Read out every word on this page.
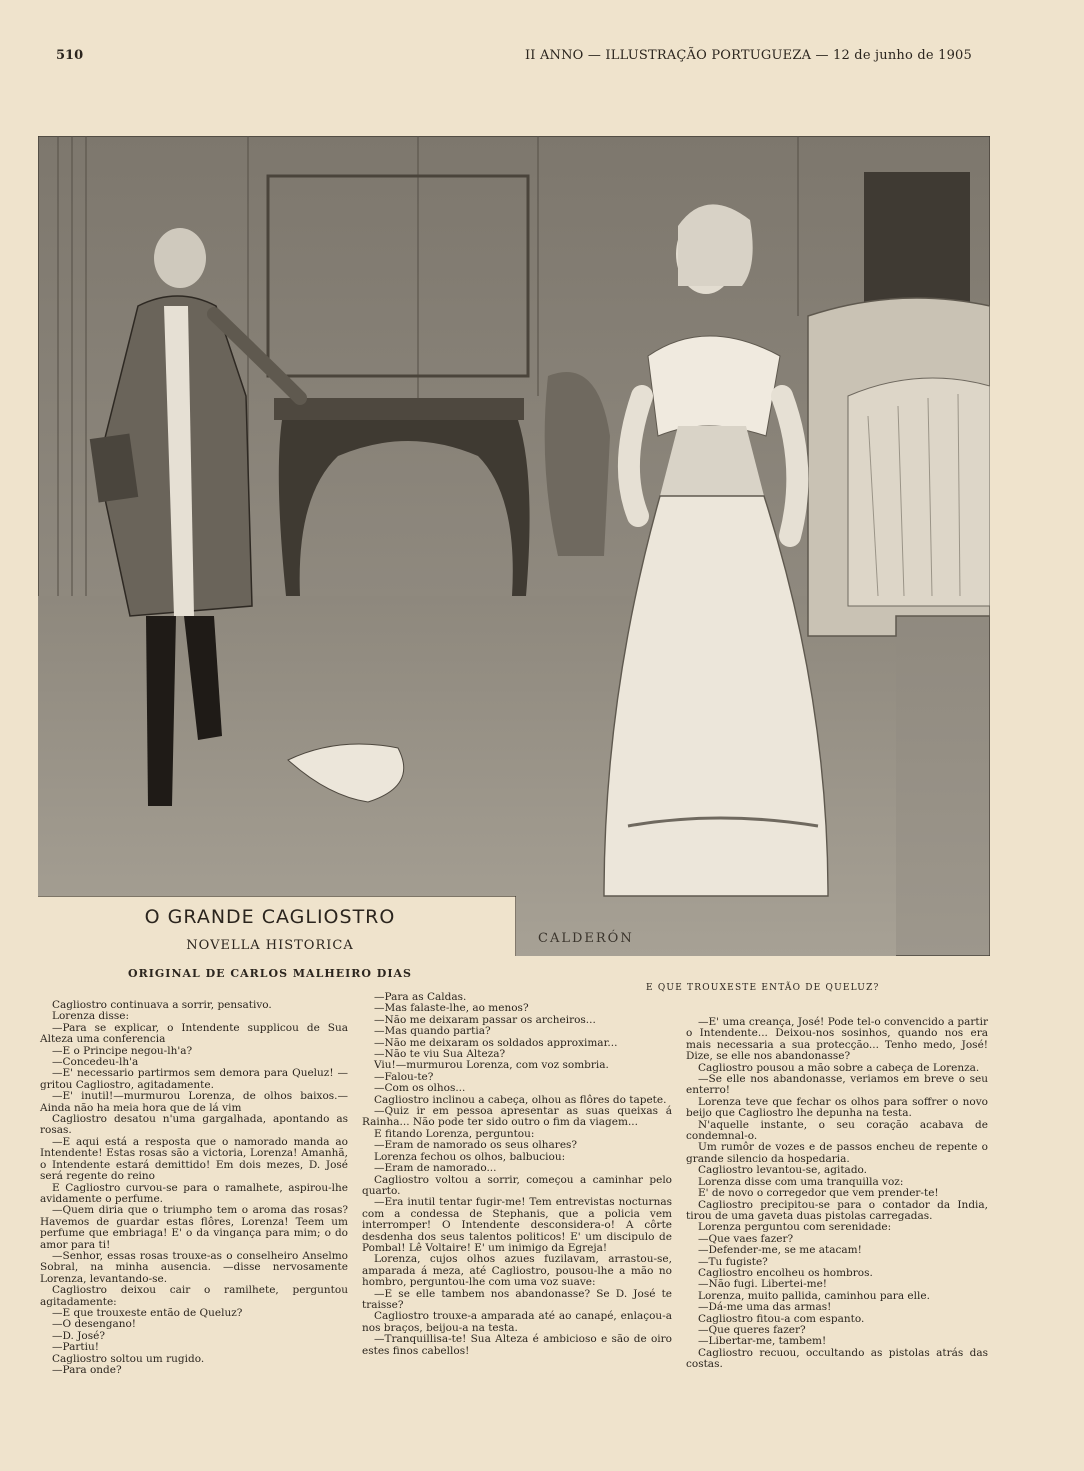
510	II ANNO — ILLUSTRAÇÃO PORTUGUEZA — 12 de junho de 1905
CALDERÓN
O GRANDE CAGLIOSTRO
NOVELLA HISTORICA
ORIGINAL DE CARLOS MALHEIRO DIAS
E QUE TROUXESTE ENTÃO DE QUELUZ?

Cagliostro continuava a sorrir, pensativo.

Lorenza disse:

—Para se explicar, o Intendente supplicou de Sua Alteza uma conferencia

—E o Principe negou-lh'a?

—Concedeu-lh'a

—E' necessario partirmos sem demora para Queluz! —gritou Cagliostro, agitadamente.

—E' inutil!—murmurou Lorenza, de olhos baixos.—Ainda não ha meia hora que de lá vim

Cagliostro desatou n'uma gargalhada, apontando as rosas.

—E aqui está a resposta que o namorado manda ao Intendente! Estas rosas são a victoria, Lorenza! Amanhã, o Intendente estará demittido! Em dois mezes, D. José será regente do reino

E Cagliostro curvou-se para o ramalhete, aspirou-lhe avidamente o perfume.

—Quem diria que o triumpho tem o aroma das rosas? Havemos de guardar estas flôres, Lorenza! Teem um perfume que embriaga! E' o da vingança para mim; o do amor para ti!

—Senhor, essas rosas trouxe-as o conselheiro Anselmo Sobral, na minha ausencia. —disse nervosamente Lorenza, levantando-se.

Cagliostro deixou cair o ramilhete, perguntou agitadamente:

—E que trouxeste então de Queluz?

—O desengano!

—D. José?

—Partiu!

Cagliostro soltou um rugido.

—Para onde?

—Para as Caldas.

—Mas falaste-lhe, ao menos?

—Não me deixaram passar os archeiros...

—Mas quando partia?

—Não me deixaram os soldados approximar...

—Não te viu Sua Alteza?

Viu!—murmurou Lorenza, com voz sombria.

—Falou-te?

—Com os olhos...

Cagliostro inclinou a cabeça, olhou as flôres do tapete.

—Quiz ir em pessoa apresentar as suas queixas á Rainha... Não pode ter sido outro o fim da viagem...

E fitando Lorenza, perguntou:

—Eram de namorado os seus olhares?

Lorenza fechou os olhos, balbuciou:

—Eram de namorado...

Cagliostro voltou a sorrir, começou a caminhar pelo quarto.

—Era inutil tentar fugir-me! Tem entrevistas nocturnas com a condessa de Stephanis, que a policia vem interromper! O Intendente desconsidera-o! A côrte desdenha dos seus talentos politicos! E' um discipulo de Pombal! Lê Voltaire! E' um inimigo da Egreja!

Lorenza, cujos olhos azues fuzilavam, arrastou-se, amparada á meza, até Cagliostro, pousou-lhe a mão no hombro, perguntou-lhe com uma voz suave:

—E se elle tambem nos abandonasse? Se D. José te traisse?

Cagliostro trouxe-a amparada até ao canapé, enlaçou-a nos braços, beijou-a na testa.

—Tranquillisa-te! Sua Alteza é ambicioso e são de oiro estes finos cabellos!

—E' uma creança, José! Pode tel-o convencido a partir o Intendente... Deixou-nos sosinhos, quando nos era mais necessaria a sua protecção... Tenho medo, José! Dize, se elle nos abandonasse?

Cagliostro pousou a mão sobre a cabeça de Lorenza.

—Se elle nos abandonasse, veriamos em breve o seu enterro!

Lorenza teve que fechar os olhos para soffrer o novo beijo que Cagliostro lhe depunha na testa.

N'aquelle instante, o seu coração acabava de condemnal-o.

Um rumôr de vozes e de passos encheu de repente o grande silencio da hospedaria.

Cagliostro levantou-se, agitado.

Lorenza disse com uma tranquilla voz:

E' de novo o corregedor que vem prender-te!

Cagliostro precipitou-se para o contador da India, tirou de uma gaveta duas pistolas carregadas.

Lorenza perguntou com serenidade:

—Que vaes fazer?

—Defender-me, se me atacam!

—Tu fugiste?

Cagliostro encolheu os hombros.

—Não fugi. Libertei-me!

Lorenza, muito pallida, caminhou para elle.

—Dá-me uma das armas!

Cagliostro fitou-a com espanto.

—Que queres fazer?

—Libertar-me, tambem!

Cagliostro recuou, occultando as pistolas atrás das costas.
